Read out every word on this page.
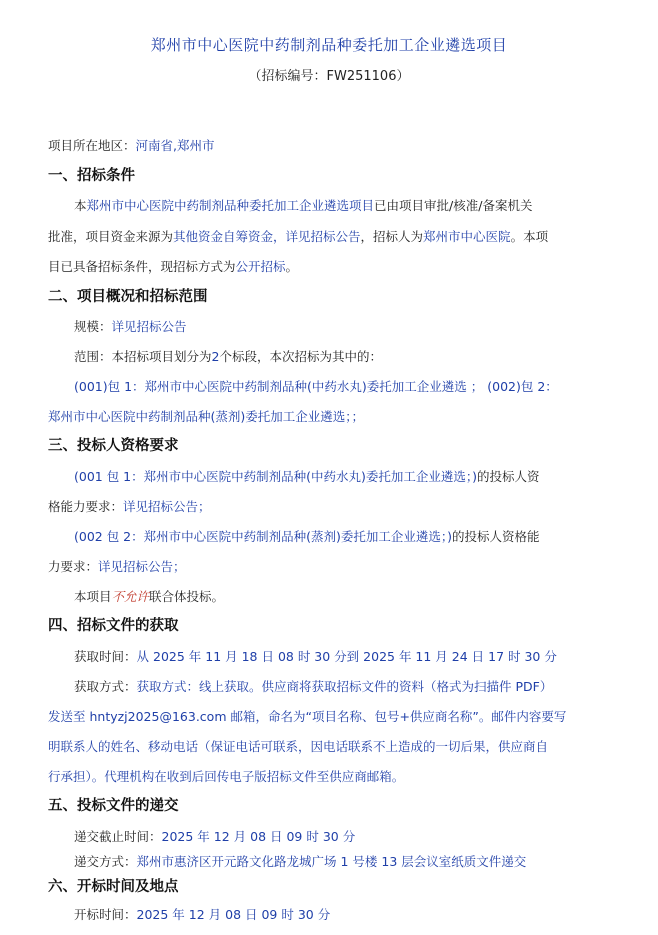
郑州市中心医院中药制剂品种委托加工企业遴选项目
（招标编号：FW251106）
项目所在地区：河南省,郑州市
一、招标条件
本郑州市中心医院中药制剂品种委托加工企业遴选项目已由项目审批/核准/备案机关
批准，项目资金来源为其他资金自筹资金，详见招标公告，招标人为郑州市中心医院。本项
目已具备招标条件，现招标方式为公开招标。
二、项目概况和招标范围
规模：详见招标公告
范围：本招标项目划分为2个标段，本次招标为其中的：
(001)包 1：郑州市中心医院中药制剂品种(中药水丸)委托加工企业遴选 ； (002)包 2：
郑州市中心医院中药制剂品种(蒸剂)委托加工企业遴选；；
三、投标人资格要求
(001 包 1：郑州市中心医院中药制剂品种(中药水丸)委托加工企业遴选；)的投标人资
格能力要求：详见招标公告；
(002 包 2：郑州市中心医院中药制剂品种(蒸剂)委托加工企业遴选；)的投标人资格能
力要求：详见招标公告；
本项目不允许联合体投标。
四、招标文件的获取
获取时间：从 2025 年 11 月 18 日 08 时 30 分到 2025 年 11 月 24 日 17 时 30 分
获取方式：获取方式：线上获取。供应商将获取招标文件的资料（格式为扫描件 PDF）
发送至 hntyzj2025@163.com 邮箱，命名为“项目名称、包号+供应商名称”。邮件内容要写
明联系人的姓名、移动电话（保证电话可联系，因电话联系不上造成的一切后果，供应商自
行承担）。代理机构在收到后回传电子版招标文件至供应商邮箱。
五、投标文件的递交
递交截止时间：2025 年 12 月 08 日 09 时 30 分
递交方式：郑州市惠济区开元路文化路龙城广场 1 号楼 13 层会议室纸质文件递交
六、开标时间及地点
开标时间：2025 年 12 月 08 日 09 时 30 分
